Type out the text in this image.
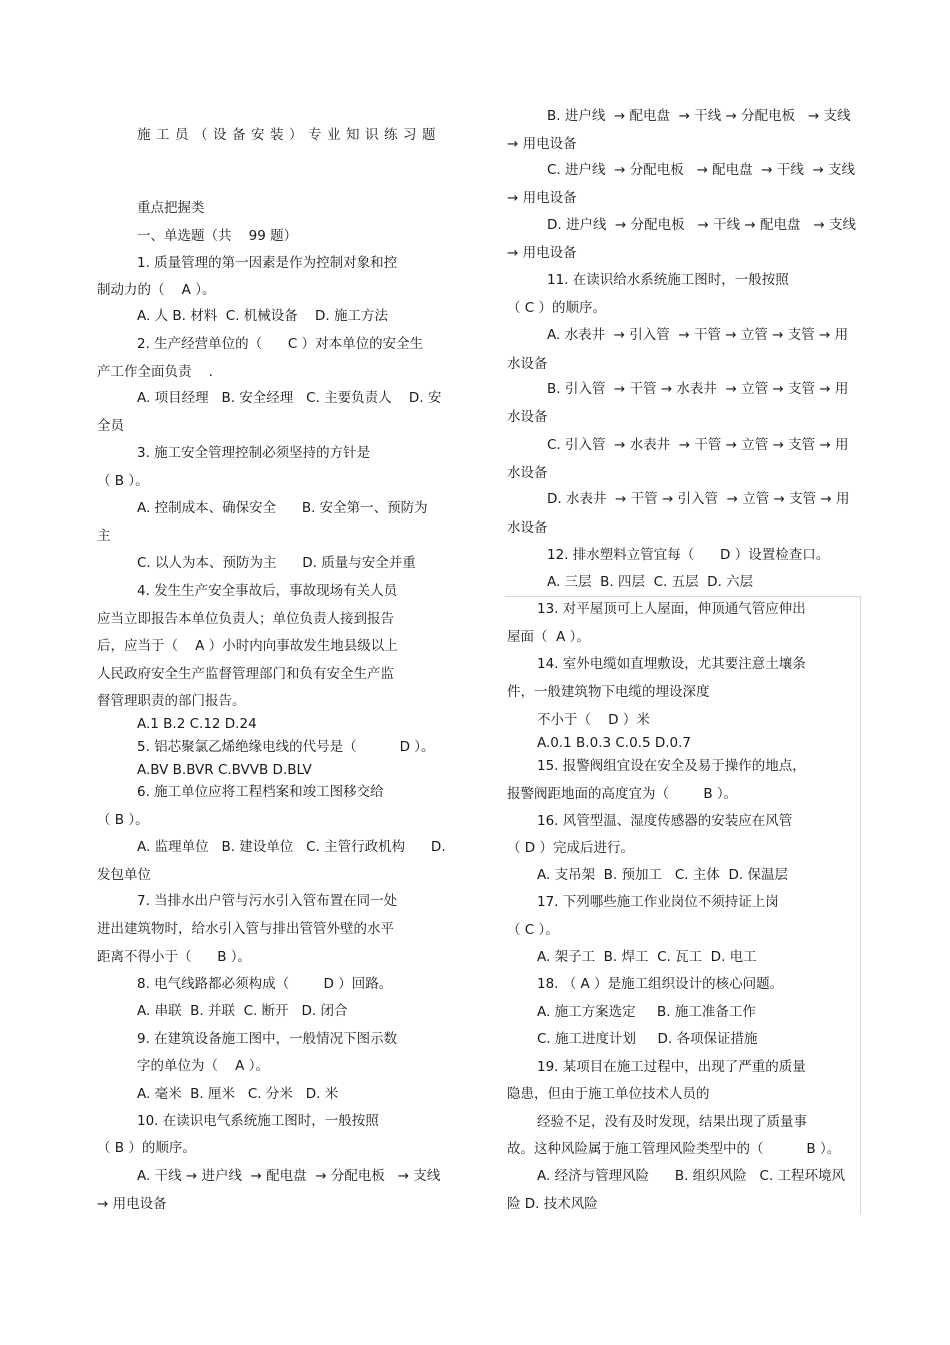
施工员（设备安装）专业知识练习题
重点把握类
一、单选题（共    99 题）
1. 质量管理的第一因素是作为控制对象和控
制动力的（    A ）。
A. 人 B. 材料  C. 机械设备    D. 施工方法
2. 生产经营单位的（      C ）对本单位的安全生
产工作全面负责    .
A. 项目经理   B. 安全经理   C. 主要负责人    D. 安
全员
3. 施工安全管理控制必须坚持的方针是
（ B ）。
A. 控制成本、确保安全      B. 安全第一、预防为
主
C. 以人为本、预防为主      D. 质量与安全并重
4. 发生生产安全事故后，事故现场有关人员
应当立即报告本单位负责人；单位负责人接到报告
后，应当于（    A ）小时内向事故发生地县级以上
人民政府安全生产监督管理部门和负有安全生产监
督管理职责的部门报告。
A.1 B.2 C.12 D.24
5. 铝芯聚氯乙烯绝缘电线的代号是（          D ）。
A.BV B.BVR C.BVVB D.BLV
6. 施工单位应将工程档案和竣工图移交给
（ B ）。
A. 监理单位   B. 建设单位   C. 主管行政机构      D.
发包单位
7. 当排水出户管与污水引入管布置在同一处
进出建筑物时，给水引入管与排出管管外壁的水平
距离不得小于（      B ）。
8. 电气线路都必须构成（        D ）回路。
A. 串联  B. 并联  C. 断开   D. 闭合
9. 在建筑设备施工图中，一般情况下图示数
字的单位为（    A ）。
A. 毫米  B. 厘米   C. 分米   D. 米
10. 在读识电气系统施工图时，一般按照
（ B ）的顺序。
A. 干线 → 进户线  → 配电盘  → 分配电板   → 支线
→ 用电设备
B. 进户线  → 配电盘  → 干线 → 分配电板   → 支线
→ 用电设备
C. 进户线  → 分配电板   → 配电盘  → 干线  → 支线
→ 用电设备
D. 进户线  → 分配电板   → 干线 → 配电盘   → 支线
→ 用电设备
11. 在读识给水系统施工图时，一般按照
（ C ）的顺序。
A. 水表井  → 引入管  → 干管 → 立管 → 支管 → 用
水设备
B. 引入管  → 干管 → 水表井  → 立管 → 支管 → 用
水设备
C. 引入管  → 水表井  → 干管 → 立管 → 支管 → 用
水设备
D. 水表井  → 干管 → 引入管  → 立管 → 支管 → 用
水设备
12. 排水塑料立管宜每（      D ）设置检查口。
A. 三层  B. 四层  C. 五层  D. 六层
13. 对平屋顶可上人屋面，伸顶通气管应伸出
屋面（  A ）。
14. 室外电缆如直埋敷设，尤其要注意土壤条
件，一般建筑物下电缆的埋设深度
不小于（    D ）米
A.0.1 B.0.3 C.0.5 D.0.7
15. 报警阀组宜设在安全及易于操作的地点，
报警阀距地面的高度宜为（        B ）。
16. 风管型温、湿度传感器的安装应在风管
（ D ）完成后进行。
A. 支吊架  B. 预加工   C. 主体  D. 保温层
17. 下列哪些施工作业岗位不须持证上岗
（ C ）。
A. 架子工  B. 焊工  C. 瓦工  D. 电工
18. （ A ）是施工组织设计的核心问题。
A. 施工方案选定     B. 施工准备工作
C. 施工进度计划     D. 各项保证措施
19. 某项目在施工过程中，出现了严重的质量
隐患，但由于施工单位技术人员的
经验不足，没有及时发现，结果出现了质量事
故。这种风险属于施工管理风险类型中的（          B ）。
A. 经济与管理风险      B. 组织风险   C. 工程环境风
险 D. 技术风险
